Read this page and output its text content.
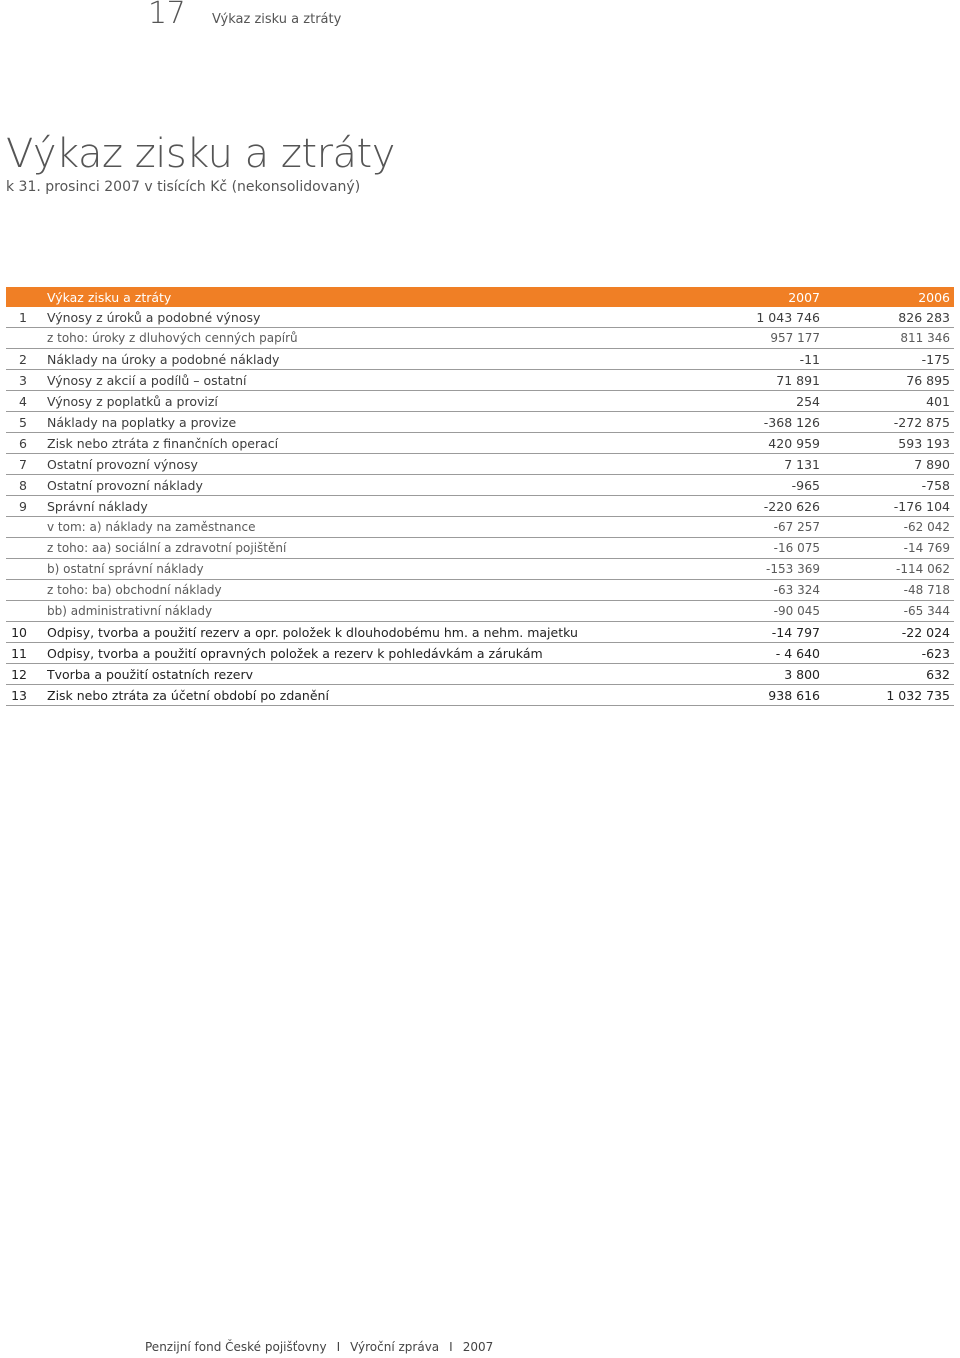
17 Výkaz zisku a ztráty
Výkaz zisku a ztráty
k 31. prosinci 2007 v tisících Kč (nekonsolidovaný)
	Výkaz zisku a ztráty	2007	2006
1	Výnosy z úroků a podobné výnosy	1 043 746	826 283
	z toho: úroky z dluhových cenných papírů	957 177	811 346
2	Náklady na úroky a podobné náklady	-11	-175
3	Výnosy z akcií a podílů – ostatní	71 891	76 895
4	Výnosy z poplatků a provizí	254	401
5	Náklady na poplatky a provize	-368 126	-272 875
6	Zisk nebo ztráta z finančních operací	420 959	593 193
7	Ostatní provozní výnosy	7 131	7 890
8	Ostatní provozní náklady	-965	-758
9	Správní náklady	-220 626	-176 104
	v tom: a) náklady na zaměstnance	-67 257	-62 042
	z toho: aa) sociální a zdravotní pojištění	-16 075	-14 769
	b) ostatní správní náklady	-153 369	-114 062
	z toho: ba) obchodní náklady	-63 324	-48 718
	bb) administrativní náklady	-90 045	-65 344
10	Odpisy, tvorba a použití rezerv a opr. položek k dlouhodobému hm. a nehm. majetku	-14 797	-22 024
11	Odpisy, tvorba a použití opravných položek a rezerv k pohledávkám a zárukám	- 4 640	-623
12	Tvorba a použití ostatních rezerv	3 800	632
13	Zisk nebo ztráta za účetní období po zdanění	938 616	1 032 735
Penzijní fond České pojišťovny I Výroční zpráva I 2007
